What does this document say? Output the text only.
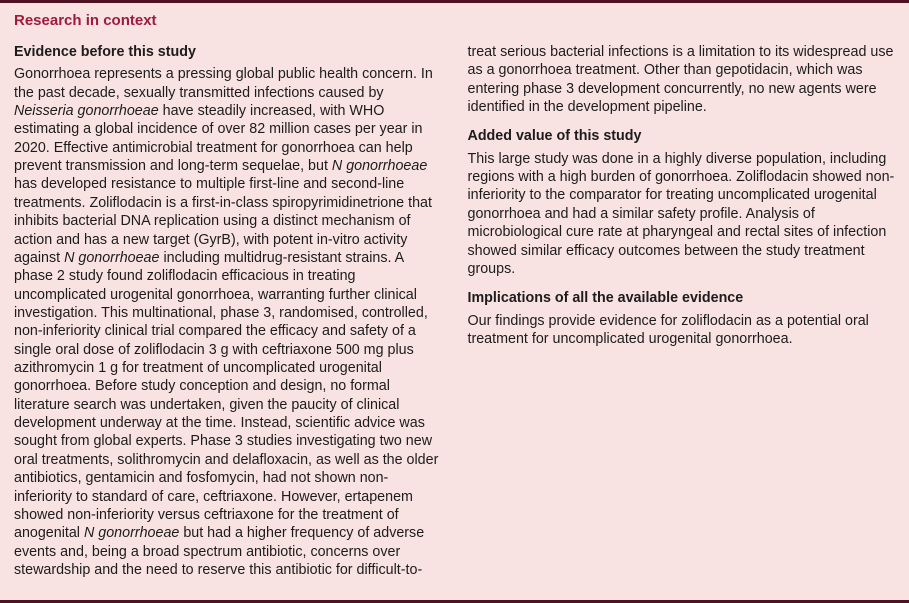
Research in context
Evidence before this study

Gonorrhoea represents a pressing global public health concern. In the past decade, sexually transmitted infections caused by Neisseria gonorrhoeae have steadily increased, with WHO estimating a global incidence of over 82 million cases per year in 2020. Effective antimicrobial treatment for gonorrhoea can help prevent transmission and long-term sequelae, but N gonorrhoeae has developed resistance to multiple first-line and second-line treatments. Zoliflodacin is a first-in-class spiropyrimidinetrione that inhibits bacterial DNA replication using a distinct mechanism of action and has a new target (GyrB), with potent in-vitro activity against N gonorrhoeae including multidrug-resistant strains. A phase 2 study found zoliflodacin efficacious in treating uncomplicated urogenital gonorrhoea, warranting further clinical investigation. This multinational, phase 3, randomised, controlled, non-inferiority clinical trial compared the efficacy and safety of a single oral dose of zoliflodacin 3 g with ceftriaxone 500 mg plus azithromycin 1 g for treatment of uncomplicated urogenital gonorrhoea. Before study conception and design, no formal literature search was undertaken, given the paucity of clinical development underway at the time. Instead, scientific advice was sought from global experts. Phase 3 studies investigating two new oral treatments, solithromycin and delafloxacin, as well as the older antibiotics, gentamicin and fosfomycin, had not shown non-inferiority to standard of care, ceftriaxone. However, ertapenem showed non-inferiority versus ceftriaxone for the treatment of anogenital N gonorrhoeae but had a higher frequency of adverse events and, being a broad spectrum antibiotic, concerns over stewardship and the need to reserve this antibiotic for difficult-to-treat serious bacterial infections is a limitation to its widespread use as a gonorrhoea treatment. Other than gepotidacin, which was entering phase 3 development concurrently, no new agents were identified in the development pipeline.

Added value of this study

This large study was done in a highly diverse population, including regions with a high burden of gonorrhoea. Zoliflodacin showed non-inferiority to the comparator for treating uncomplicated urogenital gonorrhoea and had a similar safety profile. Analysis of microbiological cure rate at pharyngeal and rectal sites of infection showed similar efficacy outcomes between the study treatment groups.

Implications of all the available evidence

Our findings provide evidence for zoliflodacin as a potential oral treatment for uncomplicated urogenital gonorrhoea.
